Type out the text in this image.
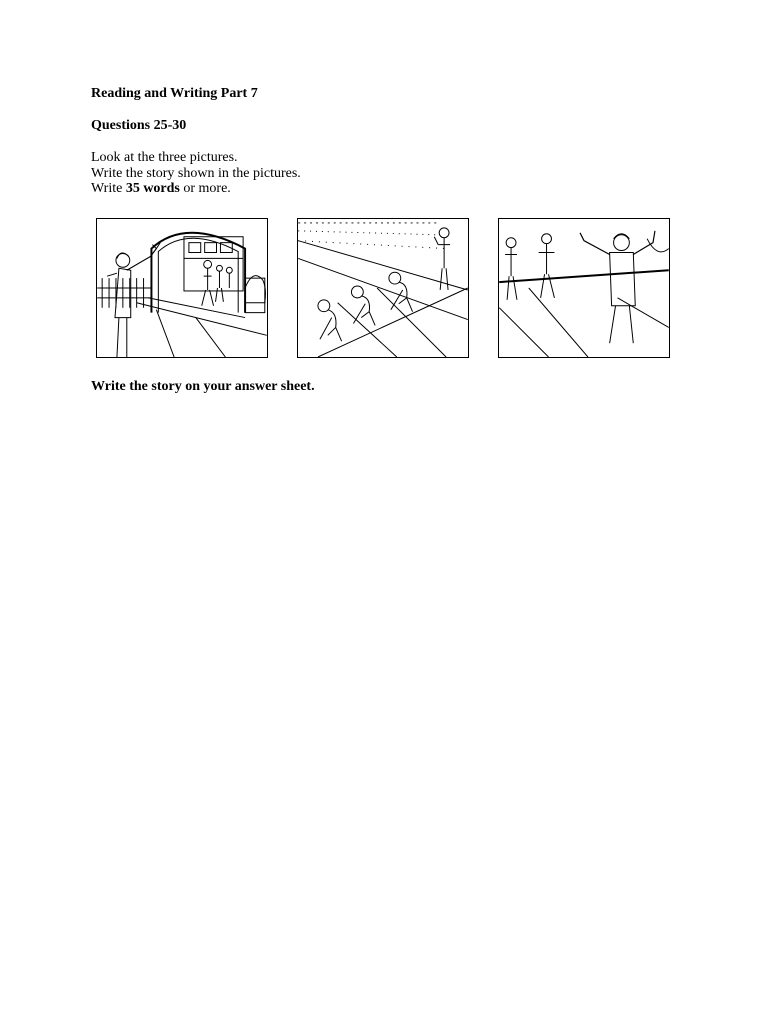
Reading and Writing Part 7
Questions 25-30
Look at the three pictures.
Write the story shown in the pictures.
Write 35 words or more.
Write the story on your answer sheet.
